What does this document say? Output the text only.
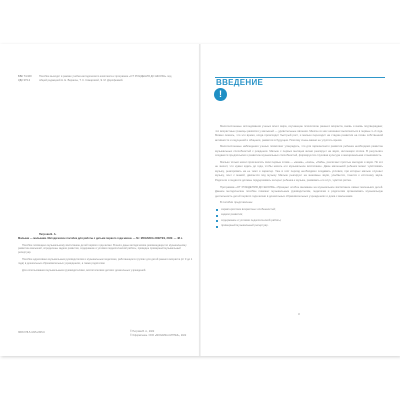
ББК 74.100
УДК 373.2
Пособие выходит в рамках учебно-методического комплекта к программе «ОТ РОЖДЕНИЯ ДО ШКОЛЫ» под общей редакцией Н. Е. Вераксы, Т. С. Комаровой, Э. М. Дорофеевой.
Петрова В. А.
Малыши — малышам. Методическое пособие для работы с детьми первого года жизни. — М.: МОЗАИКА-СИНТЕЗ, 2022. — 48 с.
Пособие посвящено музыкальному воспитанию детей первого года жизни. В книге даны методические рекомендации по музыкальному развитию малышей, определены задачи развития, содержание и условия педагогической работы, приведен примерный музыкальный репертуар.
Пособие адресовано музыкальным руководителям и музыкальным педагогам, работающим в группах для детей раннего возраста (от 0 до 1 года) в дошкольных образовательных учреждениях, а также родителям.
Для использования музыкальными руководителями, воспитателями детских дошкольных учреждений.
ISBN 978-5-4315-2345-6	© Петрова В. А., 2022
© Оформление. ООО «МОЗАИКА-СИНТЕЗ», 2022
ВВЕДЕНИЕ
!

Многочисленные исследования ученых всего мира, изучающие психологию раннего возраста, вновь и вновь подтверждают, что возрастные границы развития у малышей — удивительные явления. Многие из них начинают выполняться в первые 1–2 года. Можно сказать, что это время, когда происходит быстрый рост, и малыш переходит на стадию развития на почве собственной активности и ощущений и общения, развития в будущем. Поэтому очень важно не упустить время.

Многочисленные наблюдения ученых позволяют утверждать, что для гармоничного развития ребенка необходимо развитие музыкальных способностей с рождения. Малыш с первых месяцев жизни реагирует на звуки, интонации голоса. В результате создаются предпосылки к развитию музыкальных способностей, формируется слуховая культура и эмоциональная отзывчивость.

Малыш только начал произносить свои первые слова — «мама», «папа», «баба», различает простые мелодии и звуки. Но это не значит, что нужно ждать до года, чтобы начать его музыкальное воспитание. Даже маленький ребенок может чувствовать музыку, реагировать на ее темп и характер. Уже в этот период необходимо создавать условия, при которых малыш слушает музыку, поет с мамой, двигается под музыку. Малыш реагирует на знакомые звуки, улыбается, тянется к источнику звука. Родители и педагоги должны поддерживать интерес ребенка к музыке, развивать его слух, чувство ритма.

Программа «ОТ РОЖДЕНИЯ ДО ШКОЛЫ» обращает особое внимание на музыкальное воспитание самых маленьких детей. Данное методическое пособие поможет музыкальным руководителям, педагогам и родителям организовать музыкальную деятельность детей первого года жизни в дошкольных образовательных учреждениях и дома с малышами.

В пособии представлены:

характеристика возрастных особенностей;
задачи развития;
содержание и условия педагогической работы;
примерный музыкальный репертуар.
3
